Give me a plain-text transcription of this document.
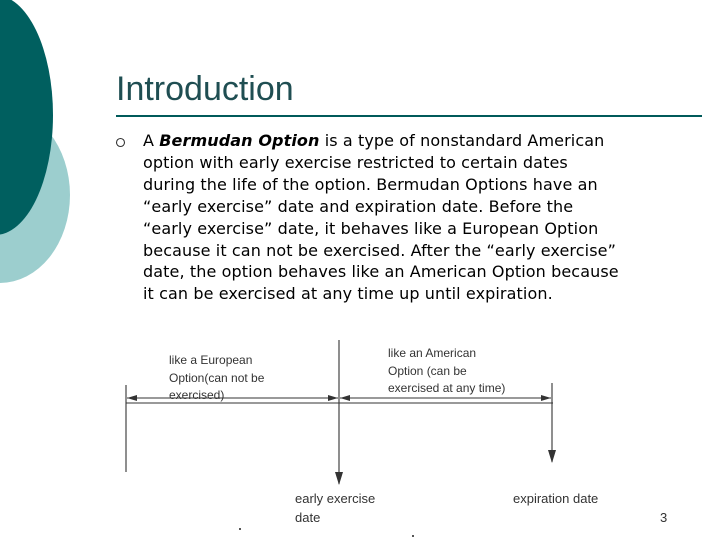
Introduction
A Bermudan Option is a type of nonstandard American
option with early exercise restricted to certain dates
during the life of the option. Bermudan Options have an
“early exercise” date and expiration date. Before the
“early exercise” date, it behaves like a European Option
because it can not be exercised. After the “early exercise”
date, the option behaves like an American Option because
it can be exercised at any time up until expiration.
like a European
Option(can not be
exercised)
like an American
Option (can be
exercised at any time)
early exercise
date
expiration date
3
